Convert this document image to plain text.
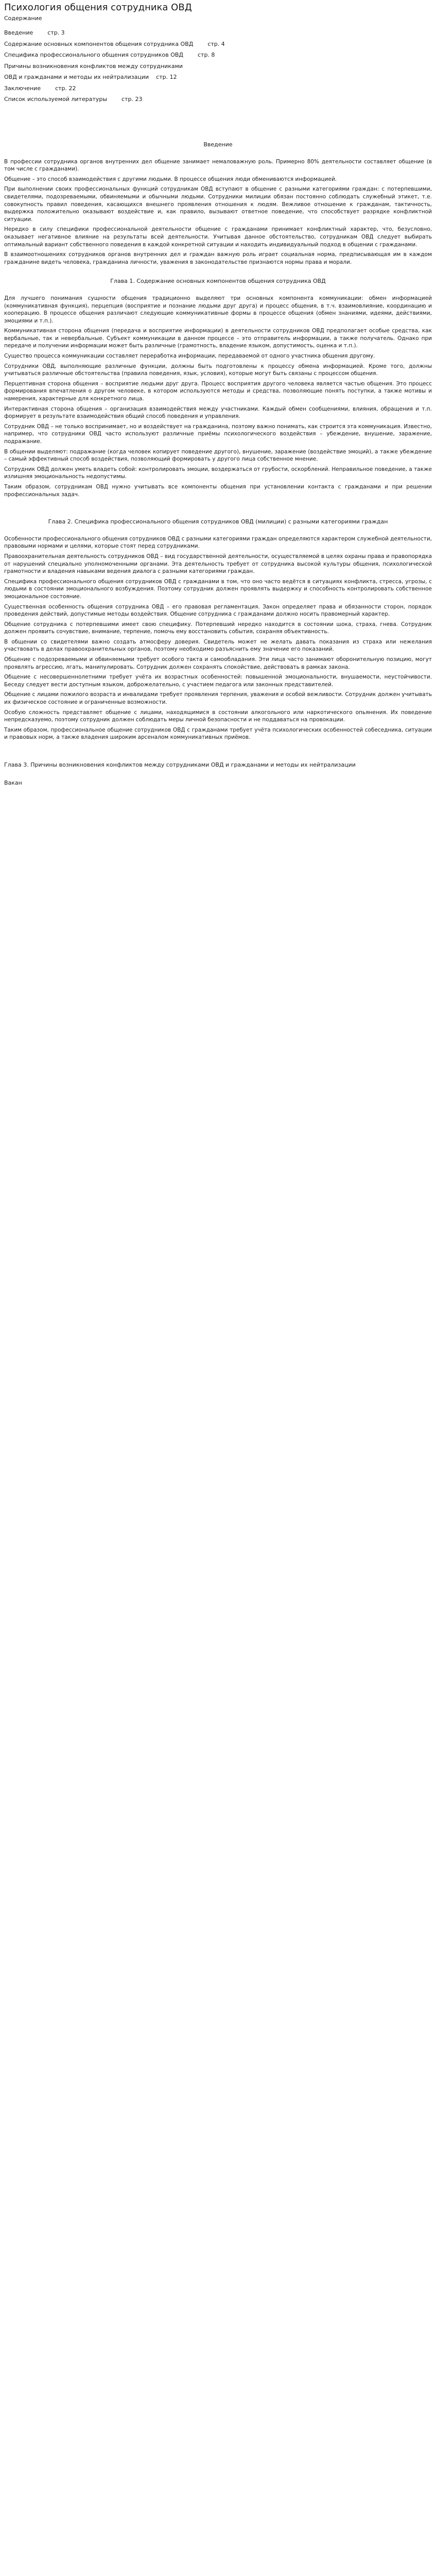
Психология общения сотрудника ОВД
Содержание

Введение        стр. 3

Содержание основных компонентов общения сотрудника ОВД        стр. 4

Специфика профессионального общения сотрудников ОВД        стр. 8

Причины возникновения конфликтов между сотрудниками

ОВД и гражданами и методы их нейтрализации    стр. 12

Заключение        стр. 22

Список используемой литературы        стр. 23

Введение

В профессии сотрудника органов внутренних дел общение занимает немаловажную роль. Примерно 80% деятельности составляет общение (в том числе с гражданами).

Общение – это способ взаимодействия с другими людьми. В процессе общения люди обмениваются информацией.

При выполнении своих профессиональных функций сотрудникам ОВД вступают в общение с разными категориями граждан: с потерпевшими, свидетелями, подозреваемыми, обвиняемыми и обычными людьми. Сотрудники милиции обязан постоянно соблюдать служебный этикет, т.е. совокупность правил поведения, касающихся внешнего проявления отношения к людям. Вежливое отношение к гражданам, тактичность, выдержка положительно оказывают воздействие и, как правило, вызывают ответное поведение, что способствует разрядке конфликтной ситуации.

Нередко в силу специфики профессиональной деятельности общение с гражданами принимает конфликтный характер, что, безусловно, оказывает негативное влияние на результаты всей деятельности. Учитывая данное обстоятельство, сотрудникам ОВД следует выбирать оптимальный вариант собственного поведения в каждой конкретной ситуации и находить индивидуальный подход в общении с гражданами.

В взаимоотношениях сотрудников органов внутренних дел и граждан важную роль играет социальная норма, предписывающая им в каждом гражданине видеть человека, гражданина личности, уважения в законодательстве признаются нормы права и морали.

Глава 1. Содержание основных компонентов общения сотрудника ОВД

Для лучшего понимания сущности общения традиционно выделяют три основных компонента коммуникации: обмен информацией (коммуникативная функция), перцепция (восприятие и познание людьми друг друга) и процесс общения, в т.ч. взаимовлияние, координацию и кооперацию. В процессе общения различают следующие коммуникативные формы в процессе общения (обмен знаниями, идеями, действиями, эмоциями и т.п.).

Коммуникативная сторона общения (передача и восприятие информации) в деятельности сотрудников ОВД предполагает особые средства, как вербальные, так и невербальные. Субъект коммуникации в данном процессе – это отправитель информации, а также получатель. Однако при передаче и получении информации может быть различные (грамотность, владение языком, допустимость, оценка и т.п.).

Существо процесса коммуникации составляет переработка информации, передаваемой от одного участника общения другому.

Сотрудники ОВД, выполняющие различные функции, должны быть подготовлены к процессу обмена информацией. Кроме того, должны учитываться различные обстоятельства (правила поведения, язык, условия), которые могут быть связаны с процессом общения.

Перцептивная сторона общения – восприятие людьми друг друга. Процесс восприятия другого человека является частью общения. Это процесс формирования впечатления о другом человеке, в котором используются методы и средства, позволяющие понять поступки, а также мотивы и намерения, характерные для конкретного лица.

Интерактивная сторона общения – организация взаимодействия между участниками. Каждый обмен сообщениями, влияния, обращения и т.п. формирует в результате взаимодействия общий способ поведения и управления.

Сотрудник ОВД – не только воспринимает, но и воздействует на гражданина, поэтому важно понимать, как строится эта коммуникация. Известно, например, что сотрудники ОВД часто используют различные приёмы психологического воздействия – убеждение, внушение, заражение, подражание.

В общении выделяют: подражание (когда человек копирует поведение другого), внушение, заражение (воздействие эмоций), а также убеждение – самый эффективный способ воздействия, позволяющий формировать у другого лица собственное мнение.

Сотрудник ОВД должен уметь владеть собой: контролировать эмоции, воздержаться от грубости, оскорблений. Неправильное поведение, а также излишняя эмоциональность недопустимы.

Таким образом, сотрудникам ОВД нужно учитывать все компоненты общения при установлении контакта с гражданами и при решении профессиональных задач.

Глава 2. Специфика профессионального общения сотрудников ОВД (милиции) с разными категориями граждан

Особенности профессионального общения сотрудников ОВД с разными категориями граждан определяются характером служебной деятельности, правовыми нормами и целями, которые стоят перед сотрудниками.

Правоохранительная деятельность сотрудников ОВД – вид государственной деятельности, осуществляемой в целях охраны права и правопорядка от нарушений специально уполномоченными органами. Эта деятельность требует от сотрудника высокой культуры общения, психологической грамотности и владения навыками ведения диалога с разными категориями граждан.

Специфика профессионального общения сотрудников ОВД с гражданами в том, что оно часто ведётся в ситуациях конфликта, стресса, угрозы, с людьми в состоянии эмоционального возбуждения. Поэтому сотрудник должен проявлять выдержку и способность контролировать собственное эмоциональное состояние.

Существенная особенность общения сотрудника ОВД – его правовая регламентация. Закон определяет права и обязанности сторон, порядок проведения действий, допустимые методы воздействия. Общение сотрудника с гражданами должно носить правомерный характер.

Общение сотрудника с потерпевшими имеет свою специфику. Потерпевший нередко находится в состоянии шока, страха, гнева. Сотрудник должен проявить сочувствие, внимание, терпение, помочь ему восстановить события, сохраняя объективность.

В общении со свидетелями важно создать атмосферу доверия. Свидетель может не желать давать показания из страха или нежелания участвовать в делах правоохранительных органов, поэтому необходимо разъяснить ему значение его показаний.

Общение с подозреваемыми и обвиняемыми требует особого такта и самообладания. Эти лица часто занимают оборонительную позицию, могут проявлять агрессию, лгать, манипулировать. Сотрудник должен сохранять спокойствие, действовать в рамках закона.

Общение с несовершеннолетними требует учёта их возрастных особенностей: повышенной эмоциональности, внушаемости, неустойчивости. Беседу следует вести доступным языком, доброжелательно, с участием педагога или законных представителей.

Общение с лицами пожилого возраста и инвалидами требует проявления терпения, уважения и особой вежливости. Сотрудник должен учитывать их физическое состояние и ограниченные возможности.

Особую сложность представляет общение с лицами, находящимися в состоянии алкогольного или наркотического опьянения. Их поведение непредсказуемо, поэтому сотрудник должен соблюдать меры личной безопасности и не поддаваться на провокации.

Таким образом, профессиональное общение сотрудников ОВД с гражданами требует учёта психологических особенностей собеседника, ситуации и правовых норм, а также владения широким арсеналом коммуникативных приёмов.

Глава 3. Причины возникновения конфликтов между сотрудниками ОВД и гражданами и методы их нейтрализации
Вакан
